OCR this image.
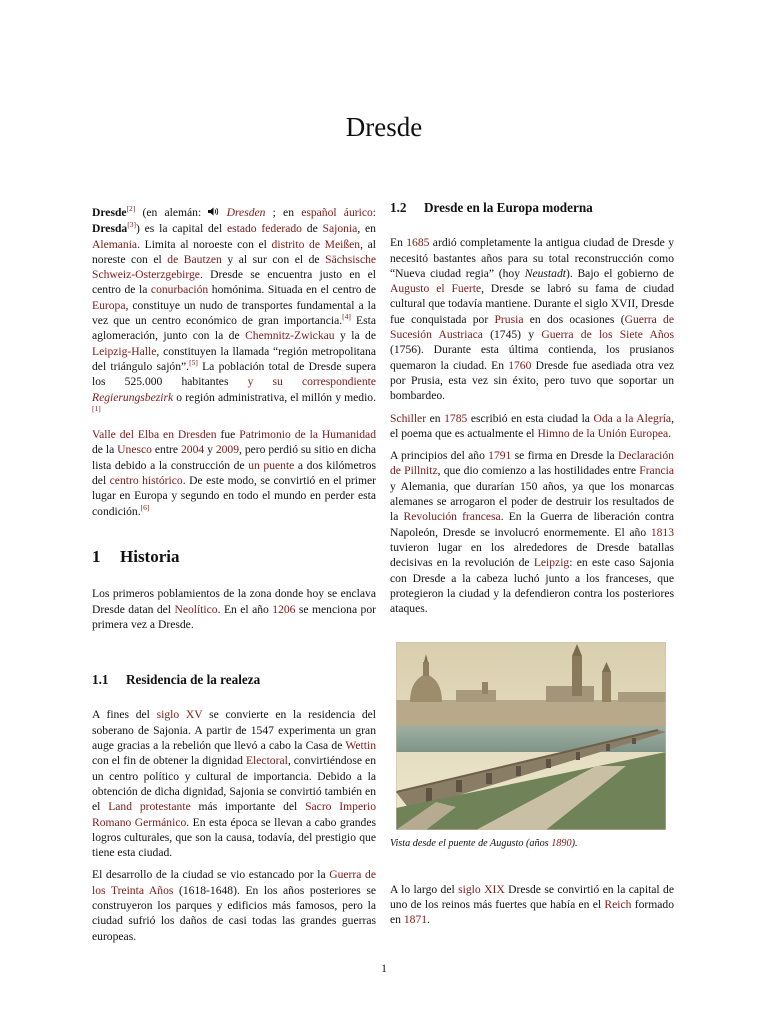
Dresde

Dresde[2] (en alemán:  Dresden ; en español áurico: Dresda[3]) es la capital del estado federado de Sajonia, en Alemania. Limita al noroeste con el distrito de Meißen, al noreste con el de Bautzen y al sur con el de Sächsische Schweiz-Osterzgebirge. Dresde se encuentra justo en el centro de la conurbación homónima. Situada en el centro de Europa, constituye un nudo de transportes fundamental a la vez que un centro económico de gran importancia.[4] Esta aglomeración, junto con la de Chemnitz-Zwickau y la de Leipzig-Halle, constituyen la llamada “región metropolitana del triángulo sajón”.[5] La población total de Dresde supera los 525.000 habitantes y su correspondiente Regierungsbezirk o región administrativa, el millón y medio.[1]

Valle del Elba en Dresden fue Patrimonio de la Humanidad de la Unesco entre 2004 y 2009, pero perdió su sitio en dicha lista debido a la construcción de un puente a dos kilómetros del centro histórico. De este modo, se convirtió en el primer lugar en Europa y segundo en todo el mundo en perder esta condición.[6]

1	Historia

Los primeros poblamientos de la zona donde hoy se enclava Dresde datan del Neolítico. En el año 1206 se menciona por primera vez a Dresde.

1.1	Residencia de la realeza

A fines del siglo XV se convierte en la residencia del soberano de Sajonia. A partir de 1547 experimenta un gran auge gracias a la rebelión que llevó a cabo la Casa de Wettin con el fin de obtener la dignidad Electoral, convirtiéndose en un centro político y cultural de importancia. Debido a la obtención de dicha dignidad, Sajonia se convirtió también en el Land protestante más importante del Sacro Imperio Romano Germánico. En esta época se llevan a cabo grandes logros culturales, que son la causa, todavía, del prestigio que tiene esta ciudad.

El desarrollo de la ciudad se vio estancado por la Guerra de los Treinta Años (1618-1648). En los años posteriores se construyeron los parques y edificios más famosos, pero la ciudad sufrió los daños de casi todas las grandes guerras europeas.

1.2	Dresde en la Europa moderna

En 1685 ardió completamente la antigua ciudad de Dresde y necesitó bastantes años para su total reconstrucción como “Nueva ciudad regia” (hoy Neustadt). Bajo el gobierno de Augusto el Fuerte, Dresde se labró su fama de ciudad cultural que todavía mantiene. Durante el siglo XVII, Dresde fue conquistada por Prusia en dos ocasiones (Guerra de Sucesión Austriaca (1745) y Guerra de los Siete Años (1756). Durante esta última contienda, los prusianos quemaron la ciudad. En 1760 Dresde fue asediada otra vez por Prusia, esta vez sin éxito, pero tuvo que soportar un bombardeo.

Schiller en 1785 escribió en esta ciudad la Oda a la Alegría, el poema que es actualmente el Himno de la Unión Europea.

A principios del año 1791 se firma en Dresde la Declaración de Pillnitz, que dio comienzo a las hostilidades entre Francia y Alemania, que durarían 150 años, ya que los monarcas alemanes se arrogaron el poder de destruir los resultados de la Revolución francesa. En la Guerra de liberación contra Napoleón, Dresde se involucró enormemente. El año 1813 tuvieron lugar en los alrededores de Dresde batallas decisivas en la revolución de Leipzig: en este caso Sajonia con Dresde a la cabeza luchó junto a los franceses, que protegieron la ciudad y la defendieron contra los posteriores ataques.

Vista desde el puente de Augusto (años 1890).

A lo largo del siglo XIX Dresde se convirtió en la capital de uno de los reinos más fuertes que había en el Reich formado en 1871.

1
